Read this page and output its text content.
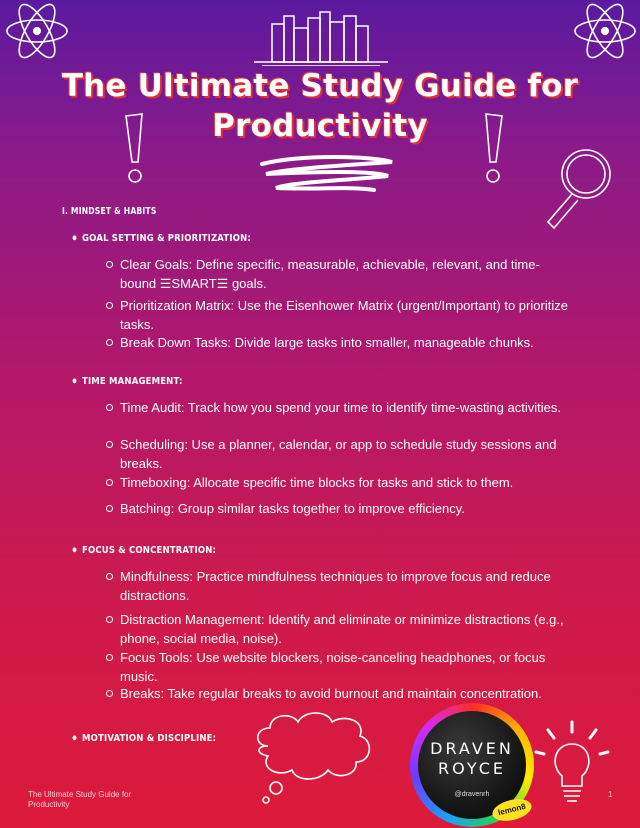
The Ultimate Study Guide for Productivity
I. MINDSET & HABITS
• GOAL SETTING & PRIORITIZATION:
Clear Goals: Define specific, measurable, achievable, relevant, and time-bound ☰SMART☰ goals.
Prioritization Matrix: Use the Eisenhower Matrix (urgent/Important) to prioritize tasks.
Break Down Tasks: Divide large tasks into smaller, manageable chunks.
• TIME MANAGEMENT:
Time Audit: Track how you spend your time to identify time-wasting activities.
Scheduling: Use a planner, calendar, or app to schedule study sessions and breaks.
Timeboxing: Allocate specific time blocks for tasks and stick to them.
Batching: Group similar tasks together to improve efficiency.
• FOCUS & CONCENTRATION:
Mindfulness: Practice mindfulness techniques to improve focus and reduce distractions.
Distraction Management: Identify and eliminate or minimize distractions (e.g., phone, social media, noise).
Focus Tools: Use website blockers, noise-canceling headphones, or focus music.
Breaks: Take regular breaks to avoid burnout and maintain concentration.
• MOTIVATION & DISCIPLINE:
DRAVEN
ROYCE
@dravenrh
lemon8
The Ultimate Study Guide for
Productivity
1
